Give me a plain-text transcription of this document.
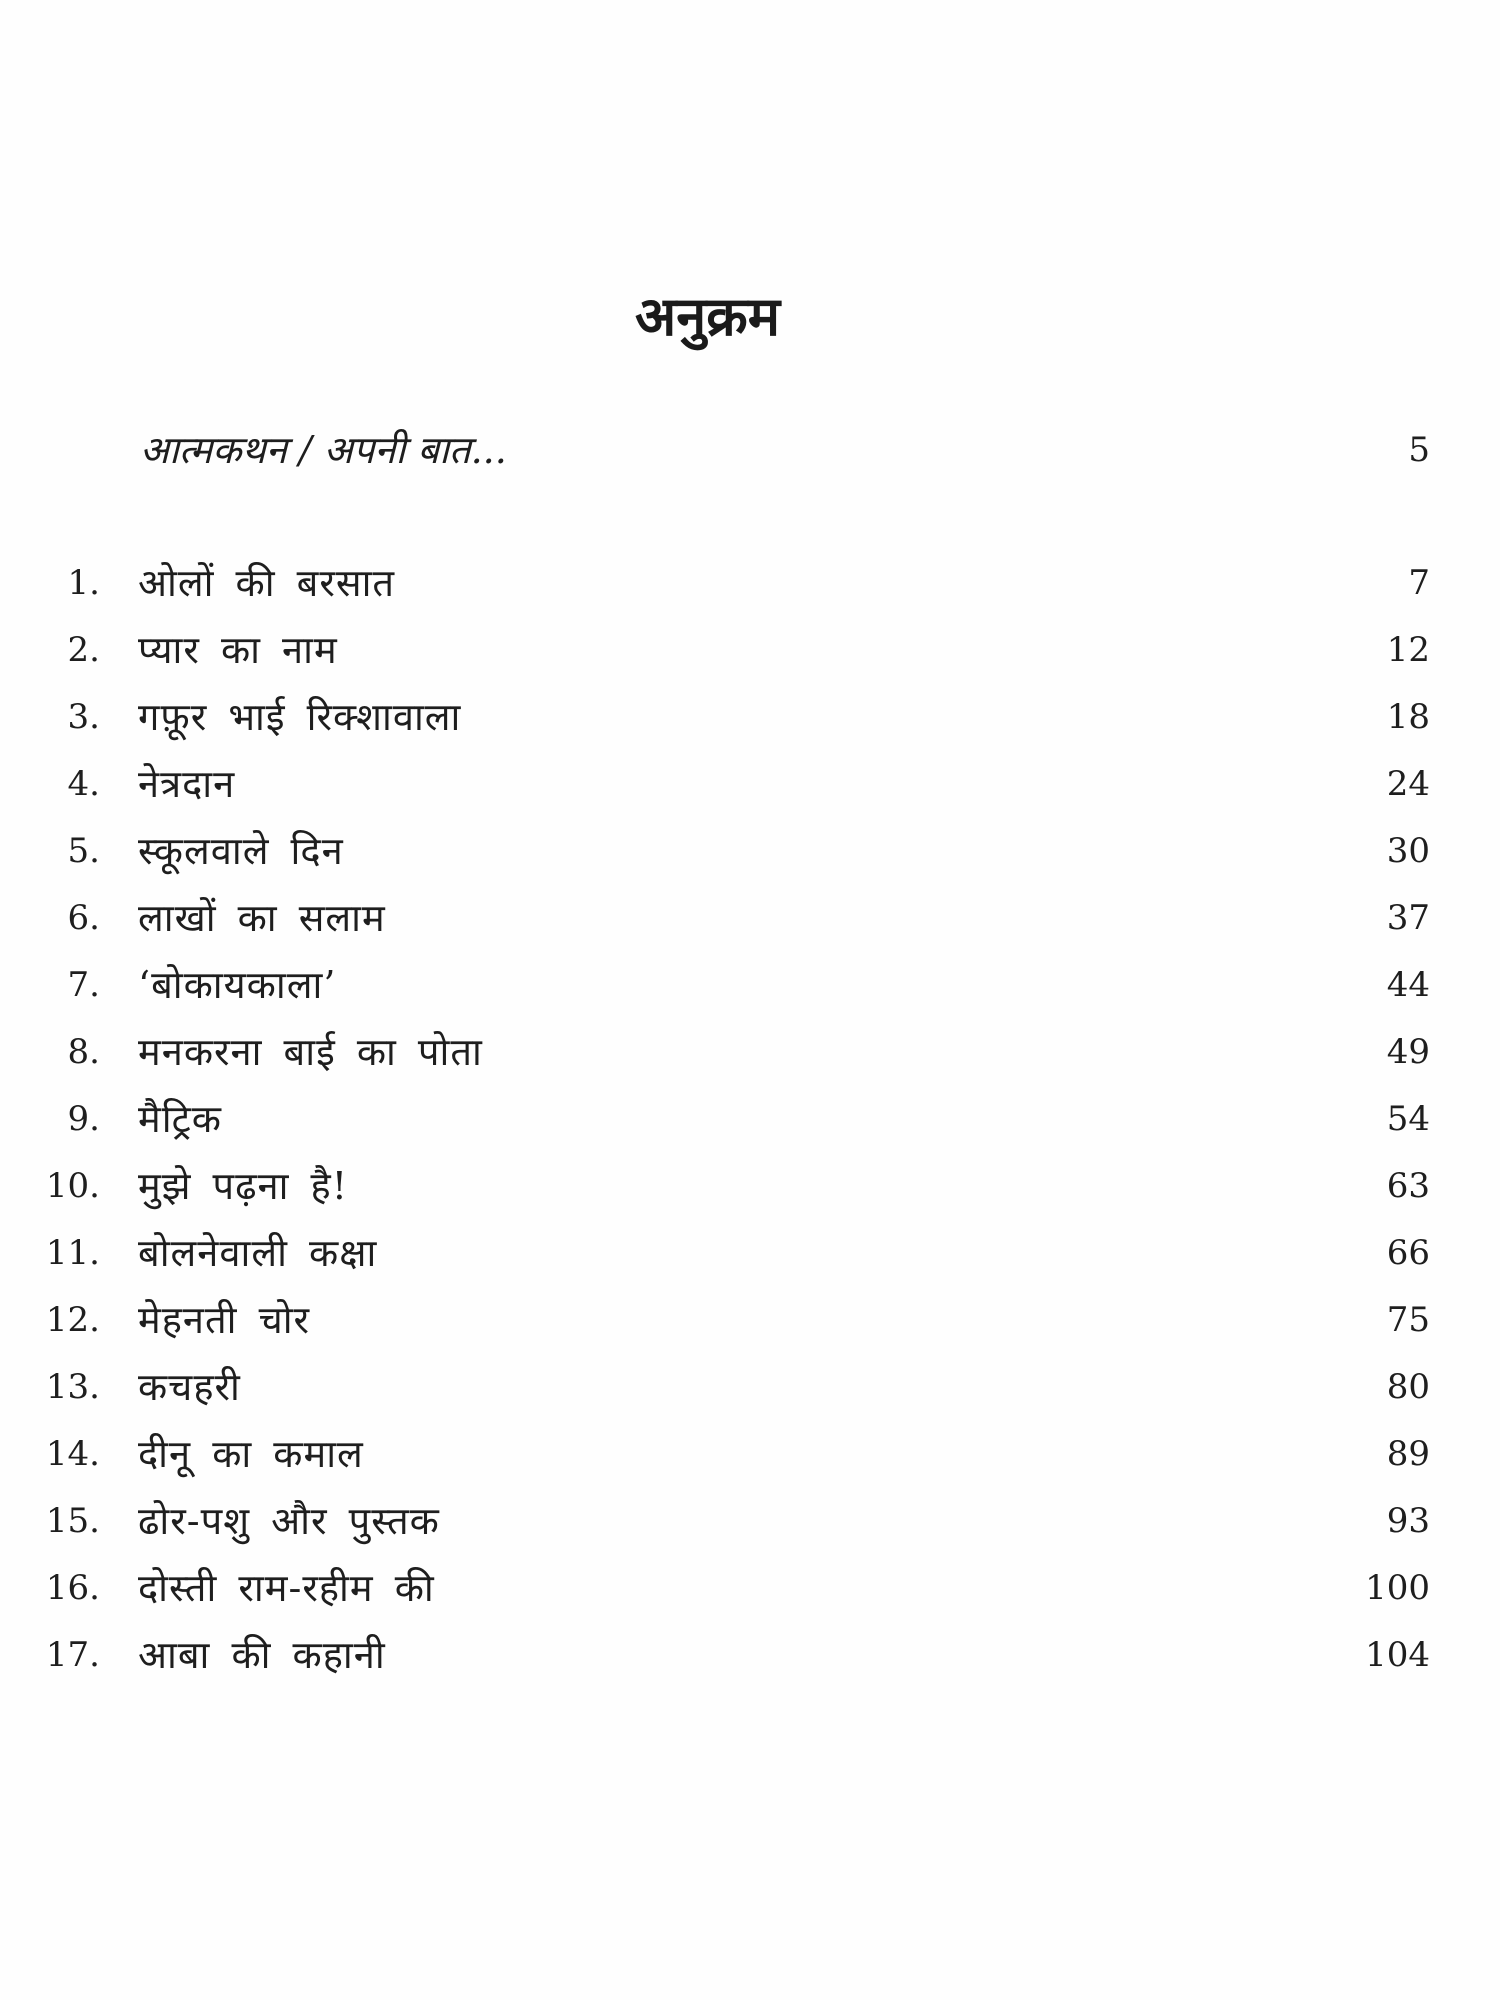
अनुक्रम
आत्मकथन / अपनी बात...	5
1. ओलों की बरसात	7
2. प्यार का नाम	12
3. गफ़ूर भाई रिक्शावाला	18
4. नेत्रदान	24
5. स्कूलवाले दिन	30
6. लाखों का सलाम	37
7. ‘बोकायकाला’	44
8. मनकरना बाई का पोता	49
9. मैट्रिक	54
10. मुझे पढ़ना है!	63
11. बोलनेवाली कक्षा	66
12. मेहनती चोर	75
13. कचहरी	80
14. दीनू का कमाल	89
15. ढोर-पशु और पुस्तक	93
16. दोस्ती राम-रहीम की	100
17. आबा की कहानी	104
